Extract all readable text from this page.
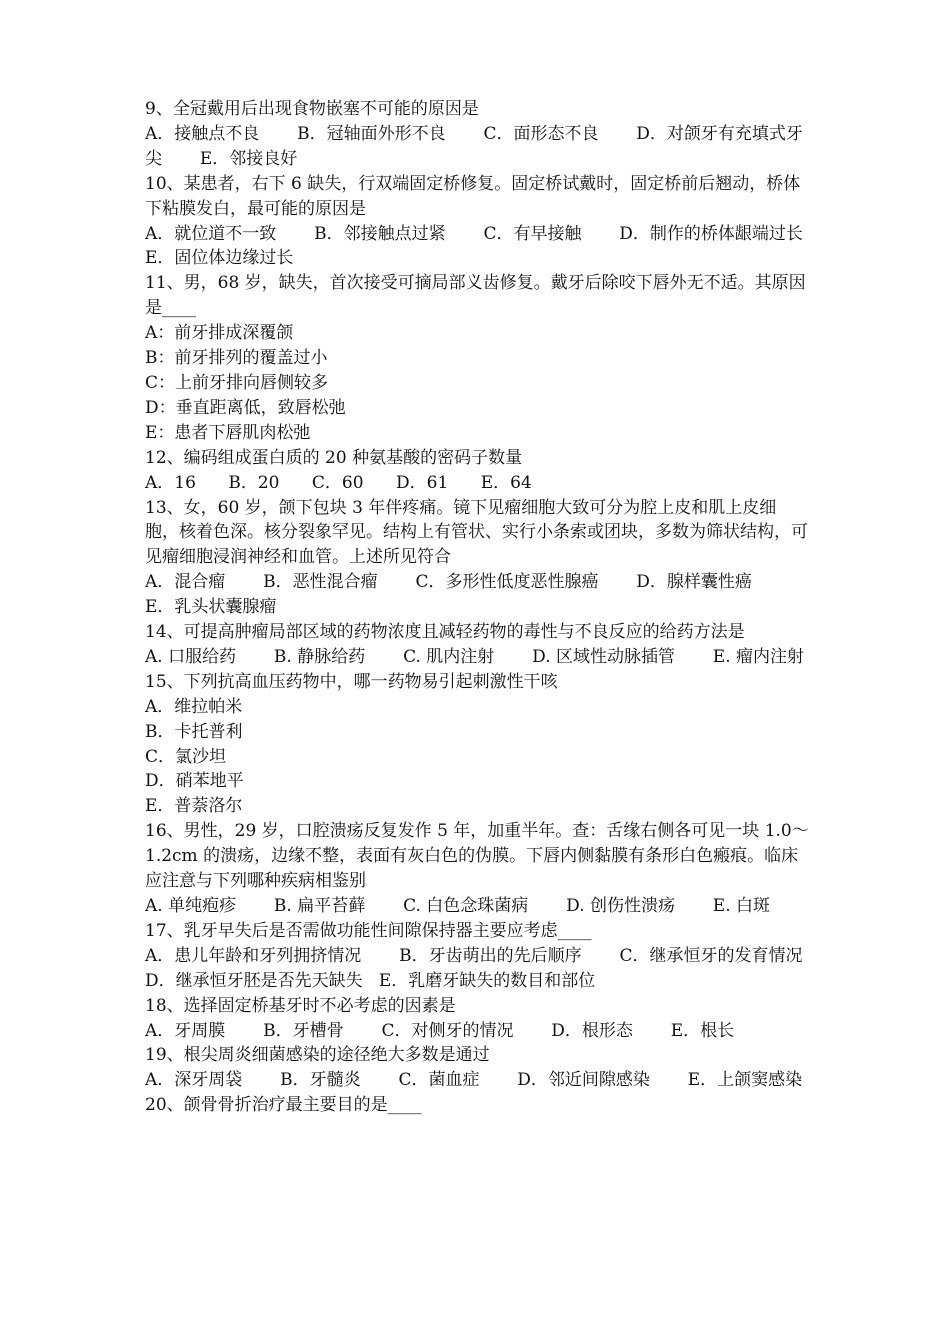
9、全冠戴用后出现食物嵌塞不可能的原因是
A．接触点不良 B．冠轴面外形不良 C．面形态不良 D．对颌牙有充填式牙尖 E．邻接良好
10、某患者，右下 6 缺失，行双端固定桥修复。固定桥试戴时，固定桥前后翘动，桥体下粘膜发白，最可能的原因是
A．就位道不一致 B．邻接触点过紧 C．有早接触 D．制作的桥体龈端过长       E．固位体边缘过长
11、男，68 岁，缺失，首次接受可摘局部义齿修复。戴牙后除咬下唇外无不适。其原因是____
A：前牙排成深覆颌
B：前牙排列的覆盖过小
C：上前牙排向唇侧较多
D：垂直距离低，致唇松弛
E：患者下唇肌肉松弛
12、编码组成蛋白质的 20 种氨基酸的密码子数量
A．16 B．20 C．60 D．61 E．64
13、女，60 岁，颌下包块 3 年伴疼痛。镜下见瘤细胞大致可分为腔上皮和肌上皮细胞，核着色深。核分裂象罕见。结构上有管状、实行小条索或团块，多数为筛状结构，可见瘤细胞浸润神经和血管。上述所见符合
A．混合瘤 B．恶性混合瘤 C．多形性低度恶性腺癌 D．腺样囊性癌       E．乳头状囊腺瘤
14、可提高肿瘤局部区域的药物浓度且减轻药物的毒性与不良反应的给药方法是
A. 口服给药 B. 静脉给药 C. 肌内注射 D. 区域性动脉插管 E. 瘤内注射
15、下列抗高血压药物中，哪一药物易引起刺激性干咳
A．维拉帕米
B．卡托普利
C．氯沙坦
D．硝苯地平
E．普萘洛尔
16、男性，29 岁，口腔溃疡反复发作 5 年，加重半年。查：舌缘右侧各可见一块 1.0～1.2cm 的溃疡，边缘不整，表面有灰白色的伪膜。下唇内侧黏膜有条形白色瘢痕。临床应注意与下列哪种疾病相鉴别
A. 单纯疱疹 B. 扁平苔藓 C. 白色念珠菌病 D. 创伤性溃疡 E. 白斑
17、乳牙早失后是否需做功能性间隙保持器主要应考虑____
A．患儿年龄和牙列拥挤情况 B．牙齿萌出的先后顺序 C．继承恒牙的发育情况     D．继承恒牙胚是否先天缺失 E．乳磨牙缺失的数目和部位
18、选择固定桥基牙时不必考虑的因素是
A．牙周膜 B．牙槽骨 C．对侧牙的情况 D．根形态 E．根长
19、根尖周炎细菌感染的途径绝大多数是通过
A．深牙周袋 B．牙髓炎 C．菌血症 D．邻近间隙感染 E．上颌窦感染
20、颌骨骨折治疗最主要目的是____
